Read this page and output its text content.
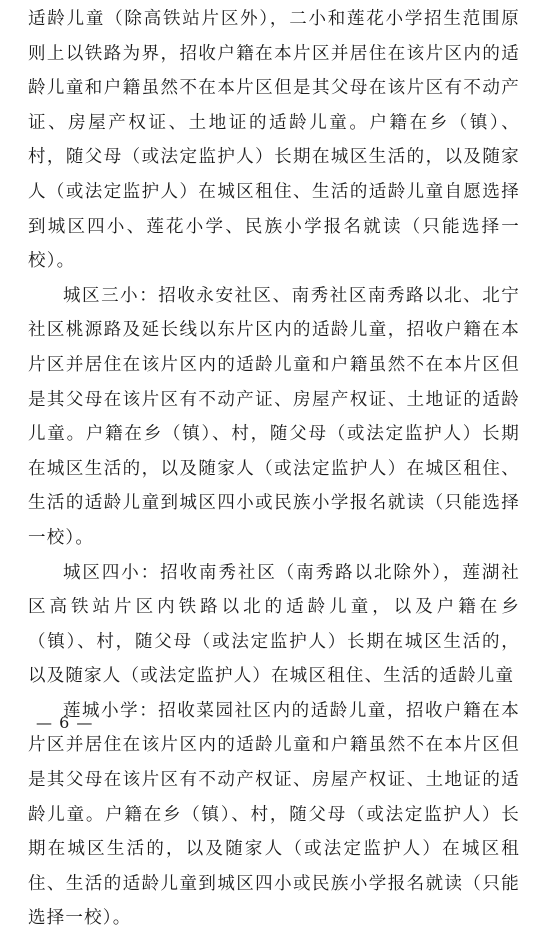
适龄儿童（除高铁站片区外），二小和莲花小学招生范围原则上以铁路为界，招收户籍在本片区并居住在该片区内的适龄儿童和户籍虽然不在本片区但是其父母在该片区有不动产证、房屋产权证、土地证的适龄儿童。户籍在乡（镇）、村，随父母（或法定监护人）长期在城区生活的，以及随家人（或法定监护人）在城区租住、生活的适龄儿童自愿选择到城区四小、莲花小学、民族小学报名就读（只能选择一校）。

城区三小：招收永安社区、南秀社区南秀路以北、北宁社区桃源路及延长线以东片区内的适龄儿童，招收户籍在本片区并居住在该片区内的适龄儿童和户籍虽然不在本片区但是其父母在该片区有不动产证、房屋产权证、土地证的适龄儿童。户籍在乡（镇）、村，随父母（或法定监护人）长期在城区生活的，以及随家人（或法定监护人）在城区租住、生活的适龄儿童到城区四小或民族小学报名就读（只能选择一校）。

城区四小：招收南秀社区（南秀路以北除外），莲湖社区高铁站片区内铁路以北的适龄儿童，以及户籍在乡（镇）、村，随父母（或法定监护人）长期在城区生活的，以及随家人（或法定监护人）在城区租住、生活的适龄儿童

莲城小学：招收菜园社区内的适龄儿童，招收户籍在本片区并居住在该片区内的适龄儿童和户籍虽然不在本片区但是其父母在该片区有不动产权证、房屋产权证、土地证的适龄儿童。户籍在乡（镇）、村，随父母（或法定监护人）长期在城区生活的，以及随家人（或法定监护人）在城区租住、生活的适龄儿童到城区四小或民族小学报名就读（只能选择一校）。

— 6 —
